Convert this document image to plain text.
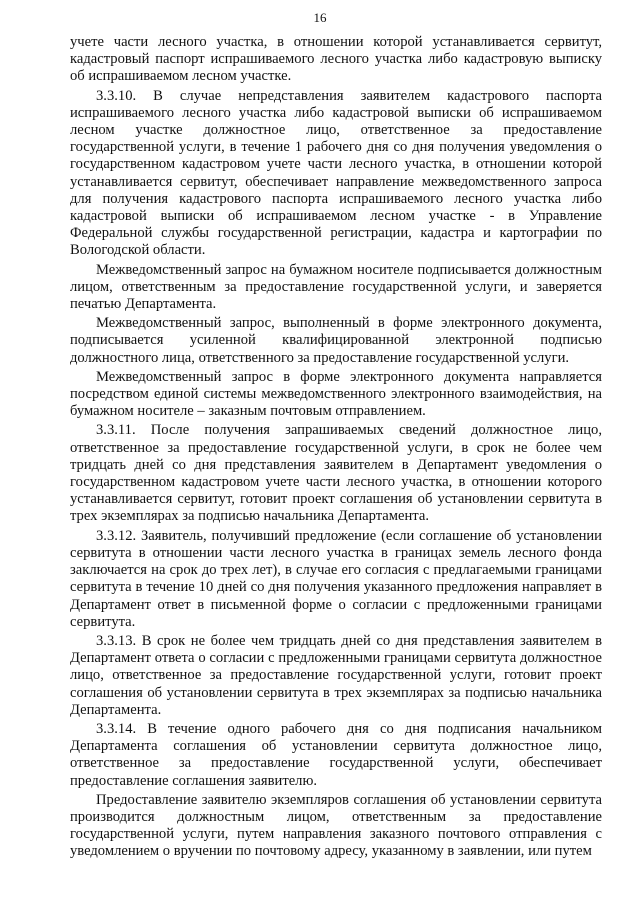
16

учете части лесного участка, в отношении которой устанавливается сервитут, кадастровый паспорт испрашиваемого лесного участка либо кадастровую выписку об испрашиваемом лесном участке.

3.3.10. В случае непредставления заявителем кадастрового паспорта испрашиваемого лесного участка либо кадастровой выписки об испрашиваемом лесном участке должностное лицо, ответственное за предоставление государственной услуги, в течение 1 рабочего дня со дня получения уведомления о государственном кадастровом учете части лесного участка, в отношении которой устанавливается сервитут, обеспечивает направление межведомственного запроса для получения кадастрового паспорта испрашиваемого лесного участка либо кадастровой выписки об испрашиваемом лесном участке - в Управление Федеральной службы государственной регистрации, кадастра и картографии по Вологодской области.

Межведомственный запрос на бумажном носителе подписывается должностным лицом, ответственным за предоставление государственной услуги, и заверяется печатью Департамента.

Межведомственный запрос, выполненный в форме электронного документа, подписывается усиленной квалифицированной электронной подписью должностного лица, ответственного за предоставление государственной услуги.

Межведомственный запрос в форме электронного документа направляется посредством единой системы межведомственного электронного взаимодействия, на бумажном носителе – заказным почтовым отправлением.

3.3.11. После получения запрашиваемых сведений должностное лицо, ответственное за предоставление государственной услуги, в срок не более чем тридцать дней со дня представления заявителем в Департамент уведомления о государственном кадастровом учете части лесного участка, в отношении которого устанавливается сервитут, готовит проект соглашения об установлении сервитута в трех экземплярах за подписью начальника Департамента.

3.3.12. Заявитель, получивший предложение (если соглашение об установлении сервитута в отношении части лесного участка в границах земель лесного фонда заключается на срок до трех лет), в случае его согласия с предлагаемыми границами сервитута в течение 10 дней со дня получения указанного предложения направляет в Департамент ответ в письменной форме о согласии с предложенными границами сервитута.

3.3.13. В срок не более чем тридцать дней со дня представления заявителем в Департамент ответа о согласии с предложенными границами сервитута должностное лицо, ответственное за предоставление государственной услуги, готовит проект соглашения об установлении сервитута в трех экземплярах за подписью начальника Департамента.

3.3.14. В течение одного рабочего дня со дня подписания начальником Департамента соглашения об установлении сервитута должностное лицо, ответственное за предоставление государственной услуги, обеспечивает предоставление соглашения заявителю.

Предоставление заявителю экземпляров соглашения об установлении сервитута производится должностным лицом, ответственным за предоставление государственной услуги, путем направления заказного почтового отправления с уведомлением о вручении по почтовому адресу, указанному в заявлении, или путем
